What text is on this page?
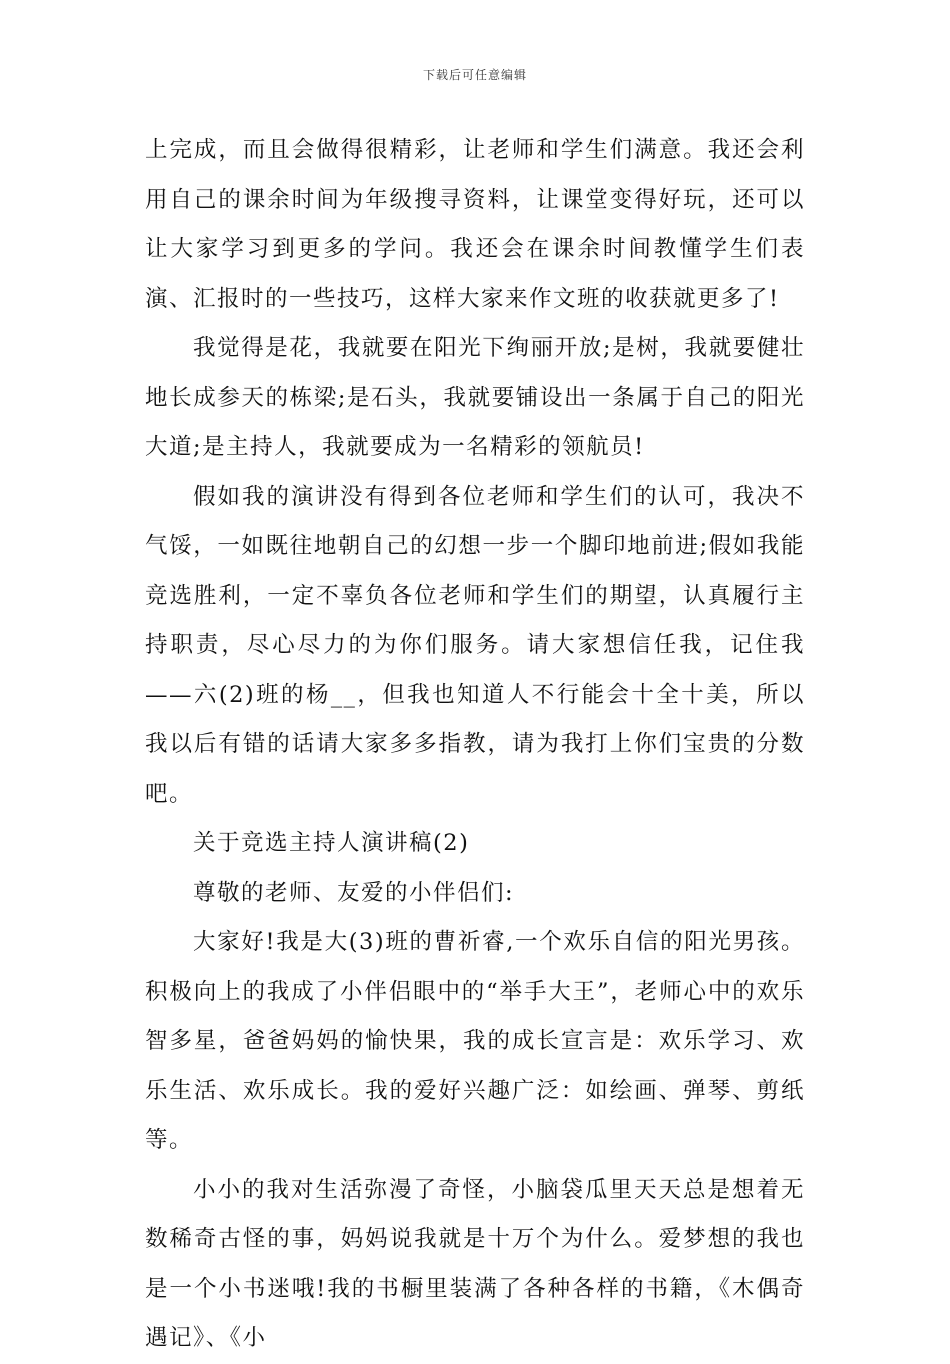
下载后可任意编辑

上完成，而且会做得很精彩，让老师和学生们满意。我还会利用自己的课余时间为年级搜寻资料，让课堂变得好玩，还可以让大家学习到更多的学问。我还会在课余时间教懂学生们表演、汇报时的一些技巧，这样大家来作文班的收获就更多了!

我觉得是花，我就要在阳光下绚丽开放;是树，我就要健壮地长成参天的栋梁;是石头，我就要铺设出一条属于自己的阳光大道;是主持人，我就要成为一名精彩的领航员!

假如我的演讲没有得到各位老师和学生们的认可，我决不气馁，一如既往地朝自己的幻想一步一个脚印地前进;假如我能竞选胜利，一定不辜负各位老师和学生们的期望，认真履行主持职责，尽心尽力的为你们服务。请大家想信任我，记住我——六(2)班的杨__，但我也知道人不行能会十全十美，所以我以后有错的话请大家多多指教，请为我打上你们宝贵的分数吧。

关于竞选主持人演讲稿(2)

尊敬的老师、友爱的小伴侣们:

大家好!我是大(3)班的曹祈睿,一个欢乐自信的阳光男孩。积极向上的我成了小伴侣眼中的“举手大王”，老师心中的欢乐智多星，爸爸妈妈的愉快果，我的成长宣言是：欢乐学习、欢乐生活、欢乐成长。我的爱好兴趣广泛：如绘画、弹琴、剪纸等。

小小的我对生活弥漫了奇怪，小脑袋瓜里天天总是想着无数稀奇古怪的事，妈妈说我就是十万个为什么。爱梦想的我也是一个小书迷哦!我的书橱里装满了各种各样的书籍，《木偶奇遇记》、《小
